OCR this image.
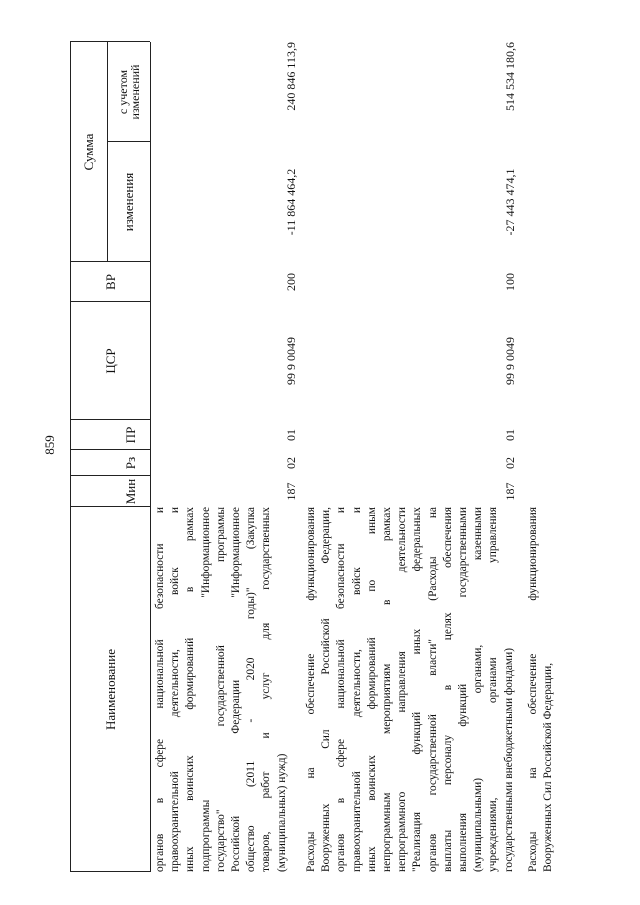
859
Наименование
Мин
Рз
ПР
ЦСР
ВР
Сумма
изменения
с учетом изменений
органов в сфере национальной безопасности и правоохранительной деятельности, войск и иных воинских формирований в рамках подпрограммы "Информационное государство" государственной программы Российской Федерации "Информационное общество (2011 - 2020 годы)" (Закупка товаров, работ и услуг для государственных (муниципальных) нужд)
187
02
01
99 9 0049
200
-11 864 464,2
240 846 113,9
Расходы на обеспечение функционирования Вооруженных Сил Российской Федерации, органов в сфере национальной безопасности и правоохранительной деятельности, войск и иных воинских формирований по иным непрограммным мероприятиям в рамках непрограммного направления деятельности "Реализация функций иных федеральных органов государственной власти" (Расходы на выплаты персоналу в целях обеспечения выполнения функций государственными (муниципальными) органами, казенными учреждениями, органами управления государственными внебюджетными фондами)
187
02
01
99 9 0049
100
-27 443 474,1
514 534 180,6
Расходы на обеспечение функционирования Вооруженных Сил Российской Федерации,
